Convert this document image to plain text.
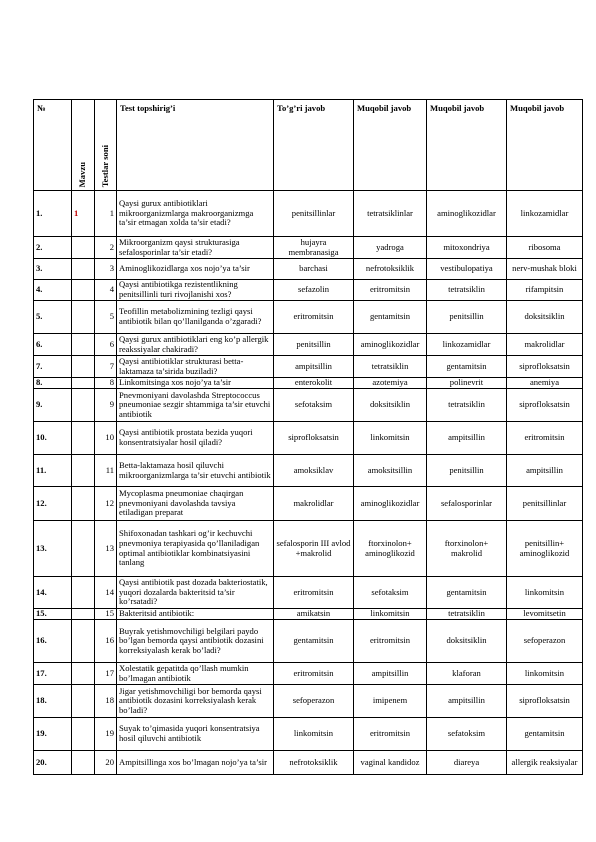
№	Mavzu	Testlar soni	Test topshirig’i	To’g’ri javob	Muqobil javob	Muqobil javob	Muqobil javob
1.	1	1	Qaysi gurux antibiotiklari mikroorganizmlarga makroorganizmga ta’sir etmagan xolda ta’sir etadi?	penitsillinlar	tetratsiklinlar	aminoglikozidlar	linkozamidlar
2.		2	Mikroorganizm qaysi strukturasiga sefalosporinlar ta’sir etadi?	hujayra membranasiga	yadroga	mitoxondriya	ribosoma
3.		3	Aminoglikozidlarga xos nojo’ya ta’sir	barchasi	nefrotoksiklik	vestibulopatiya	nerv-mushak bloki
4.		4	Qaysi antibiotikga rezistentlikning penitsillinli turi rivojlanishi xos?	sefazolin	eritromitsin	tetratsiklin	rifampitsin
5.		5	Teofillin metabolizmining tezligi qaysi antibiotik bilan qo’llanilganda o’zgaradi?	eritromitsin	gentamitsin	penitsillin	doksitsiklin
6.		6	Qaysi gurux antibiotiklari eng ko’p allergik reakssiyalar chakiradi?	penitsillin	aminoglikozidlar	linkozamidlar	makrolidlar
7.		7	Qaysi antibiotiklar strukturasi betta-laktamaza ta’sirida buziladi?	ampitsillin	tetratsiklin	gentamitsin	siprofloksatsin
8.		8	Linkomitsinga xos nojo’ya ta’sir	enterokolit	azotemiya	polinevrit	anemiya
9.		9	Pnevmoniyani davolashda Streptococcus pneumoniae sezgir shtammiga ta’sir etuvchi antibiotik	sefotaksim	doksitsiklin	tetratsiklin	siprofloksatsin
10.		10	Qaysi antibiotik prostata bezida yuqori konsentratsiyalar hosil qiladi?	siprofloksatsin	linkomitsin	ampitsillin	eritromitsin
11.		11	Betta-laktamaza hosil qiluvchi mikroorganizmlarga ta’sir etuvchi antibiotik	amoksiklav	amoksitsillin	penitsillin	ampitsillin
12.		12	Mycoplasma pneumoniae chaqirgan pnevmoniyani davolashda tavsiya etiladigan preparat	makrolidlar	aminoglikozidlar	sefalosporinlar	penitsillinlar
13.		13	Shifoxonadan tashkari og’ir kechuvchi pnevmoniya terapiyasida qo’llaniladigan optimal antibiotiklar kombinatsiyasini tanlang	sefalosporin III avlod +makrolid	ftorxinolon+ aminoglikozid	ftorxinolon+ makrolid	penitsillin+ aminoglikozid
14.		14	Qaysi antibiotik past dozada bakteriostatik, yuqori dozalarda bakteritsid ta’sir ko’rsatadi?	eritromitsin	sefotaksim	gentamitsin	linkomitsin
15.		15	Bakteritsid antibiotik:	amikatsin	linkomitsin	tetratsiklin	levomitsetin
16.		16	Buyrak yetishmovchiligi belgilari paydo bo’lgan bemorda qaysi antibiotik dozasini korreksiyalash kerak bo’ladi?	gentamitsin	eritromitsin	doksitsiklin	sefoperazon
17.		17	Xolestatik gepatitda qo’llash mumkin bo’lmagan antibiotik	eritromitsin	ampitsillin	klaforan	linkomitsin
18.		18	Jigar yetishmovchiligi bor bemorda qaysi antibiotik dozasini korreksiyalash kerak bo’ladi?	sefoperazon	imipenem	ampitsillin	siprofloksatsin
19.		19	Suyak to’qimasida yuqori konsentratsiya hosil qiluvchi antibiotik	linkomitsin	eritromitsin	sefatoksim	gentamitsin
20.		20	Ampitsillinga xos bo’lmagan nojo’ya ta’sir	nefrotoksiklik	vaginal kandidoz	diareya	allergik reaksiyalar
